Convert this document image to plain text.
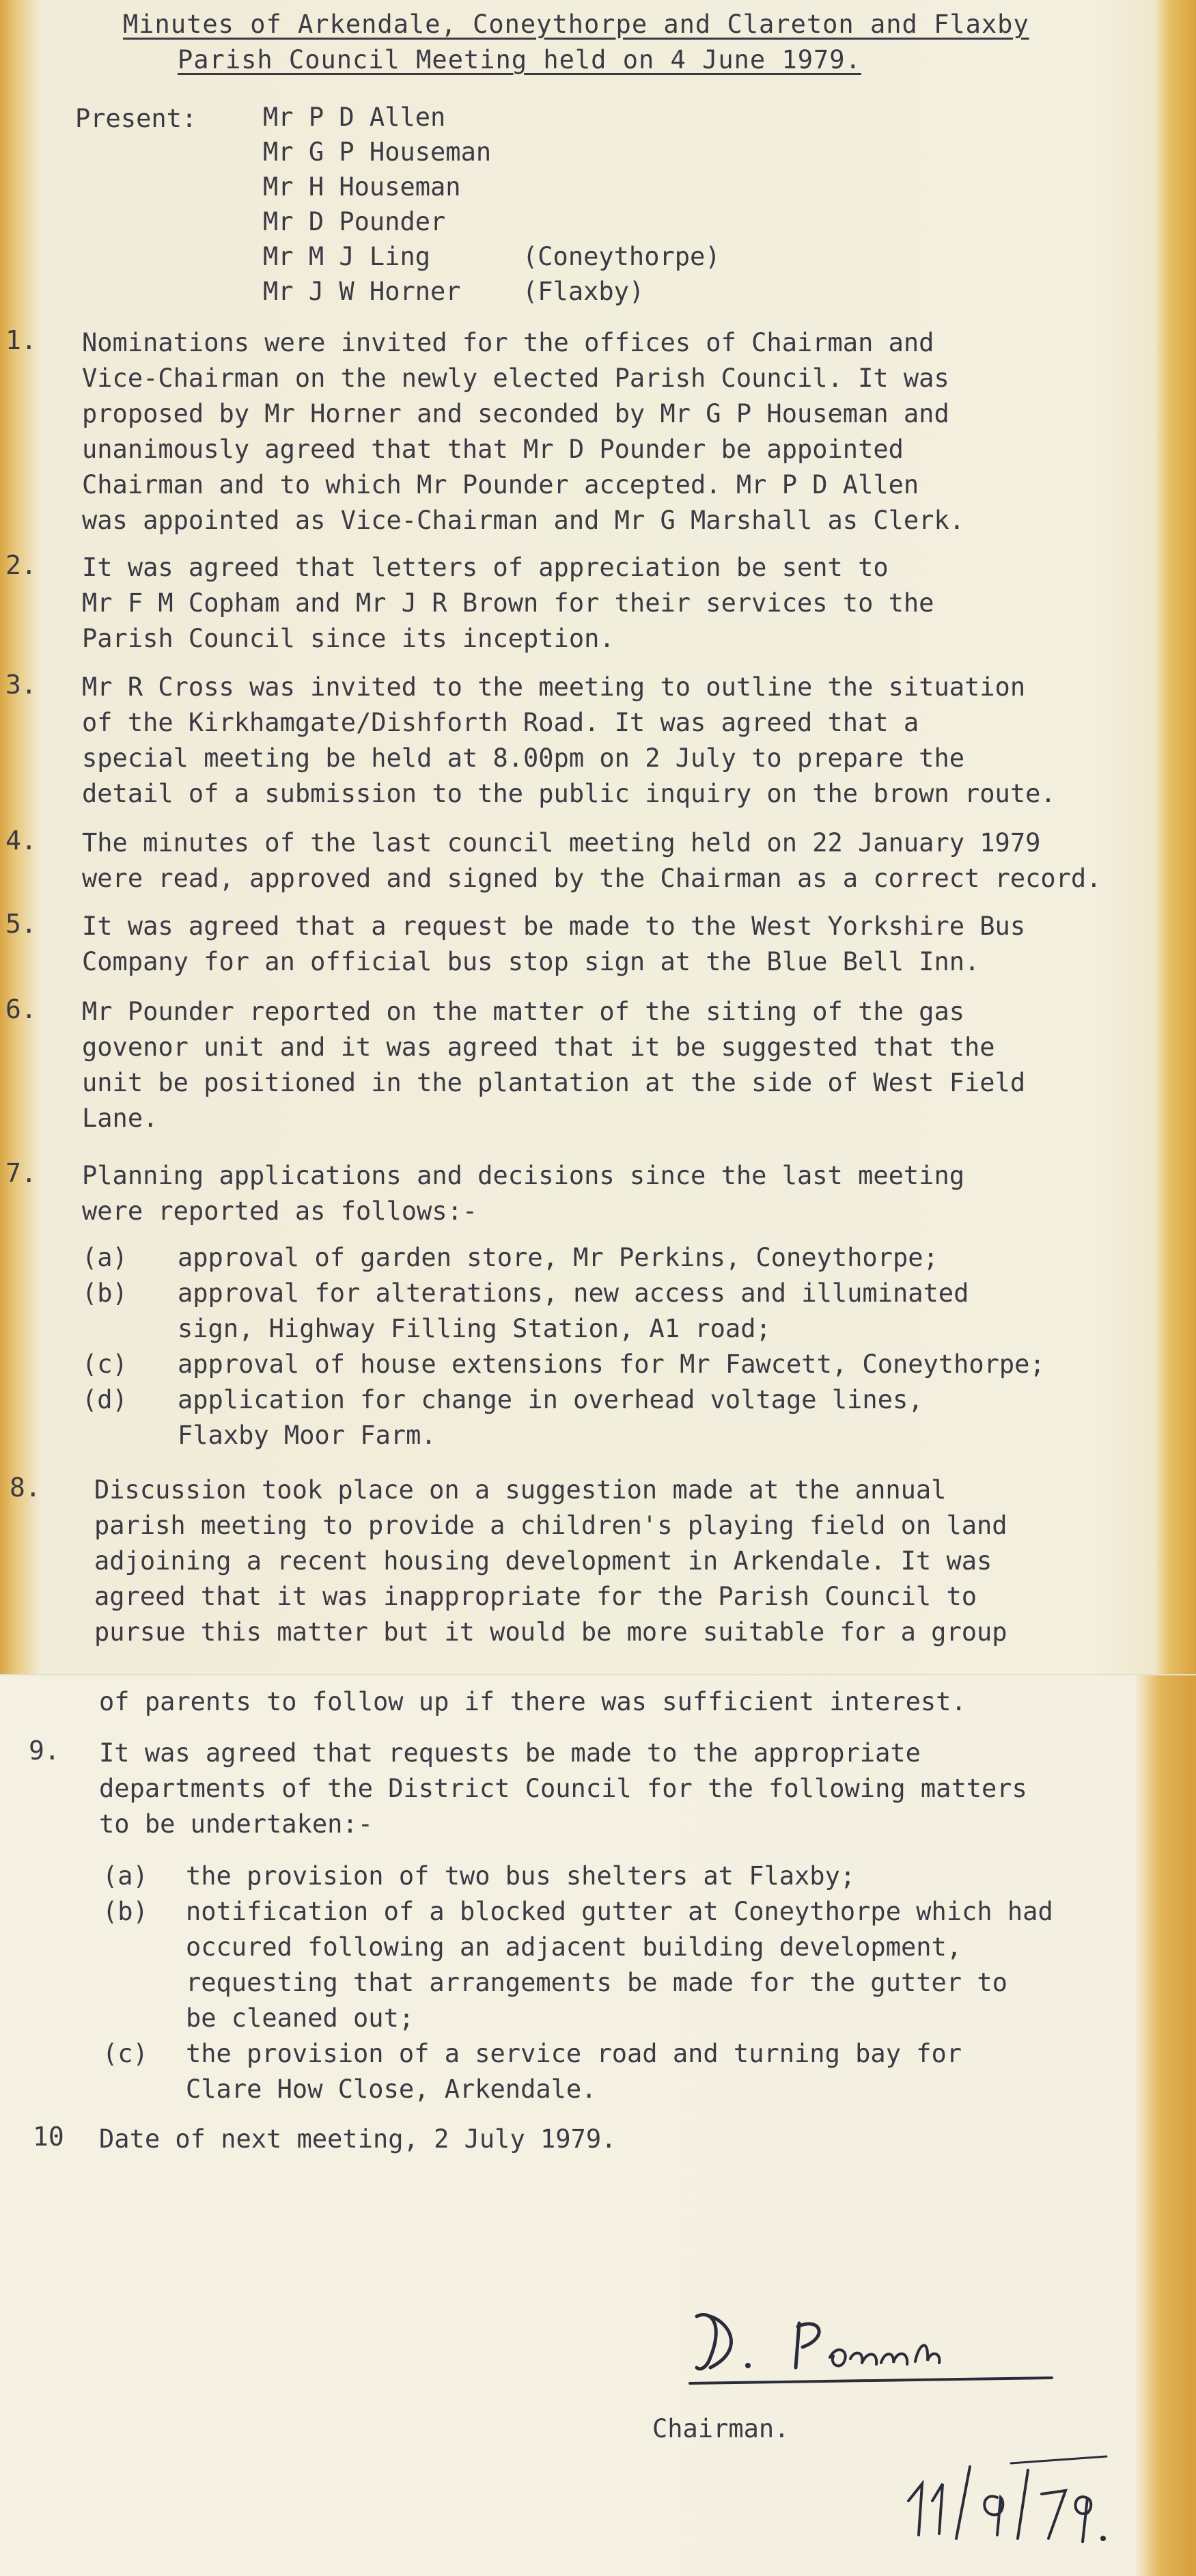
Minutes of Arkendale, Coneythorpe and Clareton and Flaxby
Parish Council Meeting held on 4 June 1979.
Present:	Mr P D Allen
Mr G P Houseman
Mr H Houseman
Mr D Pounder
Mr M J Ling	(Coneythorpe)
Mr J W Horner (Flaxby)
1. Nominations were invited for the offices of Chairman and
Vice-Chairman on the newly elected Parish Council. It was
proposed by Mr Horner and seconded by Mr G P Houseman and
unanimously agreed that that Mr D Pounder be appointed
Chairman and to which Mr Pounder accepted. Mr P D Allen
was appointed as Vice-Chairman and Mr G Marshall as Clerk.
2. It was agreed that letters of appreciation be sent to
Mr F M Copham and Mr J R Brown for their services to the
Parish Council since its inception.
3. Mr R Cross was invited to the meeting to outline the situation
of the Kirkhamgate/Dishforth Road. It was agreed that a
special meeting be held at 8.00pm on 2 July to prepare the
detail of a submission to the public inquiry on the brown route.
4. The minutes of the last council meeting held on 22 January 1979
were read, approved and signed by the Chairman as a correct record.
5. It was agreed that a request be made to the West Yorkshire Bus
Company for an official bus stop sign at the Blue Bell Inn.
6. Mr Pounder reported on the matter of the siting of the gas
govenor unit and it was agreed that it be suggested that the
unit be positioned in the plantation at the side of West Field
Lane.
7. Planning applications and decisions since the last meeting
were reported as follows:-
(a) approval of garden store, Mr Perkins, Coneythorpe;
(b) approval for alterations, new access and illuminated
sign, Highway Filling Station, A1 road;
(c) approval of house extensions for Mr Fawcett, Coneythorpe;
(d) application for change in overhead voltage lines,
Flaxby Moor Farm.
8. Discussion took place on a suggestion made at the annual
parish meeting to provide a children's playing field on land
adjoining a recent housing development in Arkendale. It was
agreed that it was inappropriate for the Parish Council to
pursue this matter but it would be more suitable for a group
of parents to follow up if there was sufficient interest.
9. It was agreed that requests be made to the appropriate
departments of the District Council for the following matters
to be undertaken:-
(a) the provision of two bus shelters at Flaxby;
(b) notification of a blocked gutter at Coneythorpe which had
occured following an adjacent building development,
requesting that arrangements be made for the gutter to
be cleaned out;
(c) the provision of a service road and turning bay for
Clare How Close, Arkendale.
10 Date of next meeting, 2 July 1979.
Chairman.
